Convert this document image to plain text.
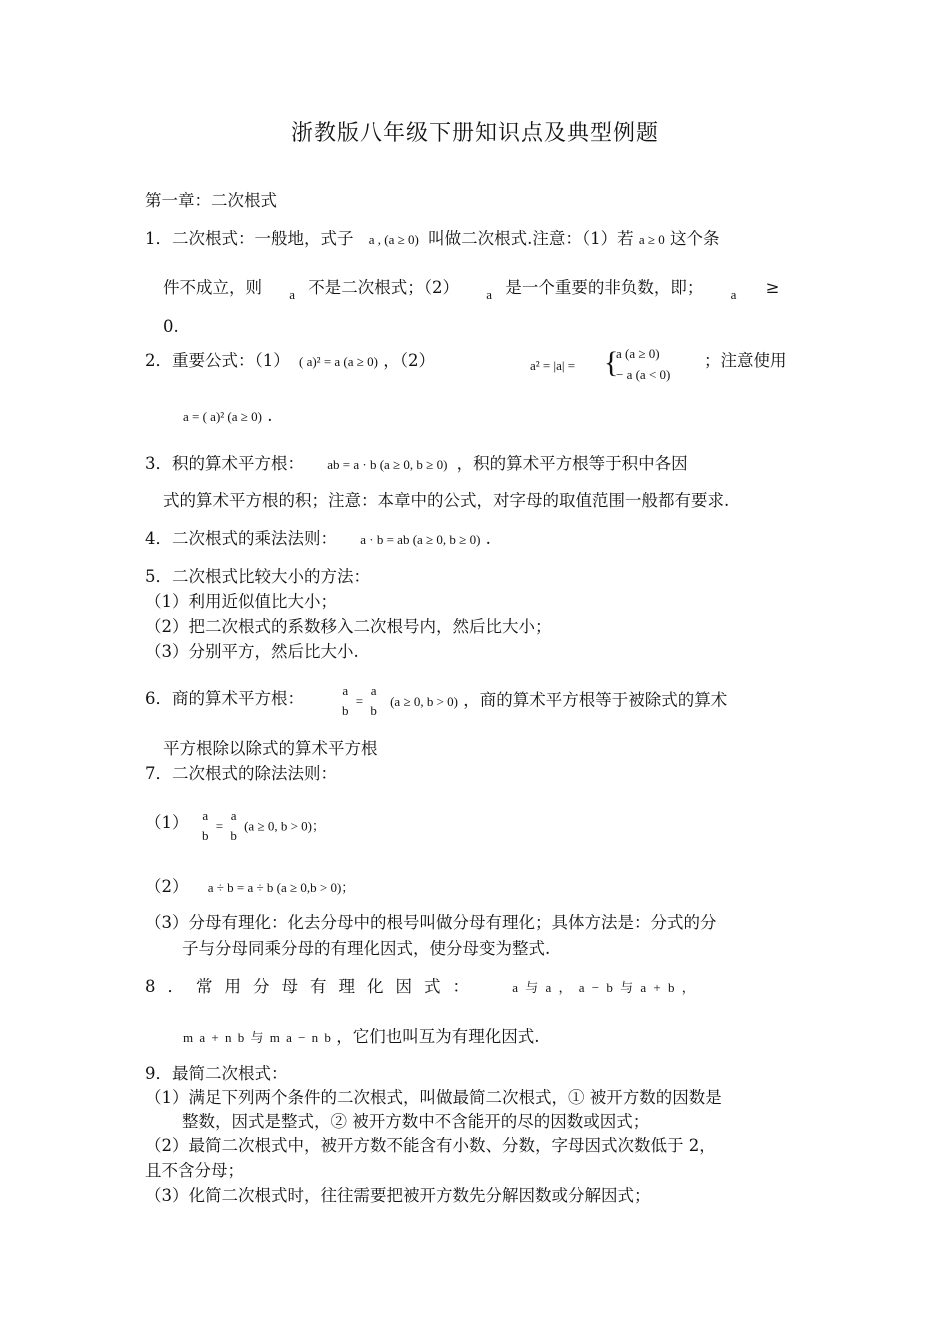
浙教版八年级下册知识点及典型例题
第一章：二次根式
1．二次根式：一般地，式子 a , (a ≥ 0) 叫做二次根式.注意：（1）若 a ≥ 0 这个条
件不成立，则 $_a$ 不是二次根式；（2） $_a$ 是一个重要的非负数，即； $_a$ ≥
0.
2．重要公式：（1） ( a)² = a (a ≥ 0) ，（2）	a² = |a| = {
a (a ≥ 0)
− a (a < 0)
；注意使用
a = ( a)² (a ≥ 0) .
3．积的算术平方根： ab = a · b (a ≥ 0, b ≥ 0) ，积的算术平方根等于积中各因
式的算术平方根的积；注意：本章中的公式，对字母的取值范围一般都有要求.
4．二次根式的乘法法则： a · b = ab (a ≥ 0, b ≥ 0) .
5．二次根式比较大小的方法：
（1）利用近似值比大小；
（2）把二次根式的系数移入二次根号内，然后比大小；
（3）分别平方，然后比大小.
6．商的算术平方根：	a
b
=
a
b
(a ≥ 0, b > 0) ，商的算术平方根等于被除式的算术
平方根除以除式的算术平方根
7．二次根式的除法法则：
（1） a
b
=
a
b
(a ≥ 0, b > 0)；
（2） a ÷ b = a ÷ b (a ≥ 0,b > 0)；
（3）分母有理化：化去分母中的根号叫做分母有理化；具体方法是：分式的分
子与分母同乘分母的有理化因式，使分母变为整式.
8．常用分母有理化因式： a 与 a ， a − b 与 a + b ，
m a + n b 与 m a − n b ，它们也叫互为有理化因式.
9．最简二次根式：
（1）满足下列两个条件的二次根式，叫做最简二次根式，① 被开方数的因数是
整数，因式是整式，② 被开方数中不含能开的尽的因数或因式；
（2）最简二次根式中，被开方数不能含有小数、分数，字母因式次数低于 2，
且不含分母；
（3）化简二次根式时，往往需要把被开方数先分解因数或分解因式；
